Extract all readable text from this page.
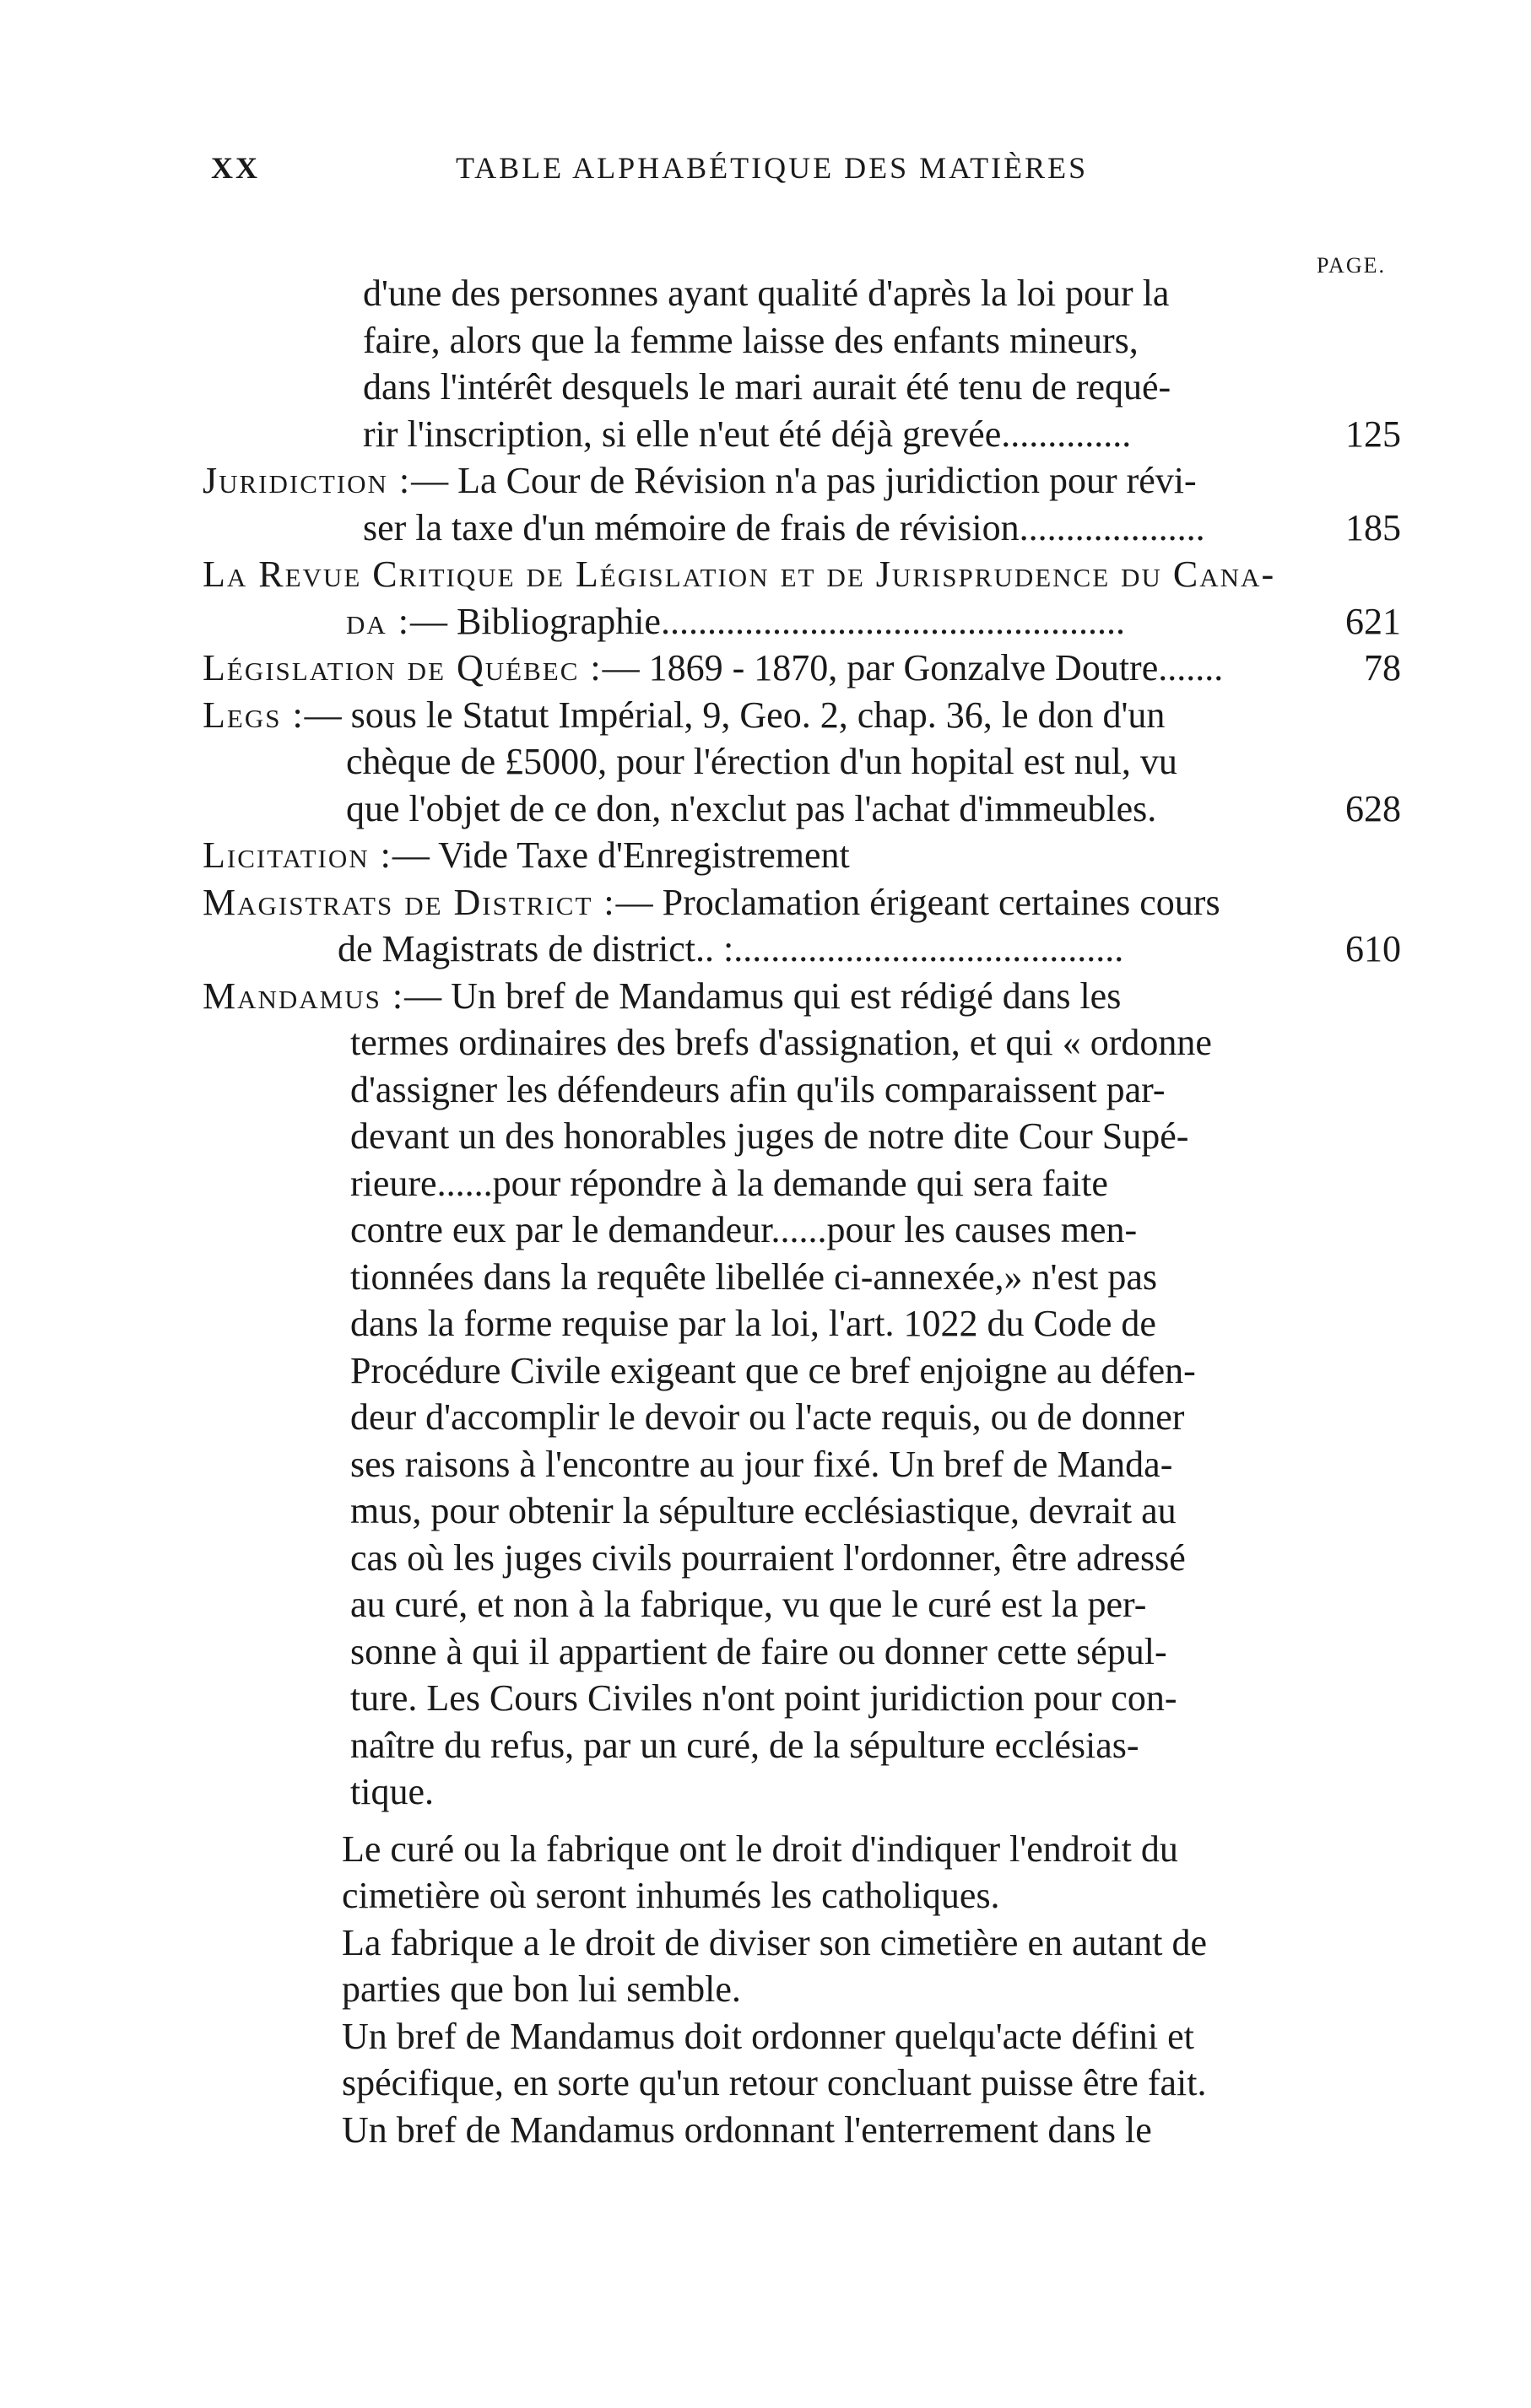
XX	TABLE ALPHABÉTIQUE DES MATIÈRES
PAGE.
d'une des personnes ayant qualité d'après la loi pour la
faire, alors que la femme laisse des enfants mineurs,
dans l'intérêt desquels le mari aurait été tenu de requé-
rir l'inscription, si elle n'eut été déjà grevée..............	125
Juridiction :— La Cour de Révision n'a pas juridiction pour révi-
ser la taxe d'un mémoire de frais de révision....................	185
La Revue Critique de Législation et de Jurisprudence du Cana-
da :— Bibliographie..................................................	621
Législation de Québec :— 1869 - 1870, par Gonzalve Doutre.......	78
Legs :— sous le Statut Impérial, 9, Geo. 2, chap. 36, le don d'un
chèque de £5000, pour l'érection d'un hopital est nul, vu
que l'objet de ce don, n'exclut pas l'achat d'immeubles.	628
Licitation :— Vide Taxe d'Enregistrement
Magistrats de District :— Proclamation érigeant certaines cours
de Magistrats de district.. :..........................................	610
Mandamus :— Un bref de Mandamus qui est rédigé dans les
termes ordinaires des brefs d'assignation, et qui « ordonne
d'assigner les défendeurs afin qu'ils comparaissent par-
devant un des honorables juges de notre dite Cour Supé-
rieure......pour répondre à la demande qui sera faite
contre eux par le demandeur......pour les causes men-
tionnées dans la requête libellée ci-annexée,» n'est pas
dans la forme requise par la loi, l'art. 1022 du Code de
Procédure Civile exigeant que ce bref enjoigne au défen-
deur d'accomplir le devoir ou l'acte requis, ou de donner
ses raisons à l'encontre au jour fixé. Un bref de Manda-
mus, pour obtenir la sépulture ecclésiastique, devrait au
cas où les juges civils pourraient l'ordonner, être adressé
au curé, et non à la fabrique, vu que le curé est la per-
sonne à qui il appartient de faire ou donner cette sépul-
ture. Les Cours Civiles n'ont point juridiction pour con-
naître du refus, par un curé, de la sépulture ecclésias-
tique.
Le curé ou la fabrique ont le droit d'indiquer l'endroit du
cimetière où seront inhumés les catholiques.
La fabrique a le droit de diviser son cimetière en autant de
parties que bon lui semble.
Un bref de Mandamus doit ordonner quelqu'acte défini et
spécifique, en sorte qu'un retour concluant puisse être fait.
Un bref de Mandamus ordonnant l'enterrement dans le
